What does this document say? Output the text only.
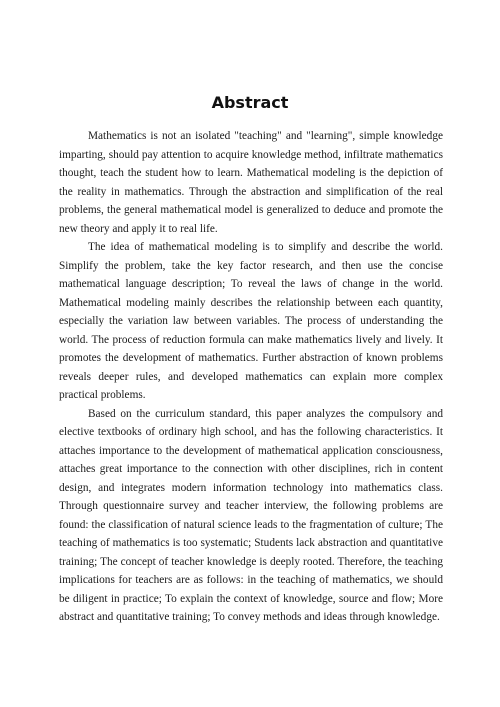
Abstract

Mathematics is not an isolated "teaching" and "learning", simple knowledge imparting, should pay attention to acquire knowledge method, infiltrate mathematics thought, teach the student how to learn. Mathematical modeling is the depiction of the reality in mathematics. Through the abstraction and simplification of the real problems, the general mathematical model is generalized to deduce and promote the new theory and apply it to real life.

The idea of mathematical modeling is to simplify and describe the world. Simplify the problem, take the key factor research, and then use the concise mathematical language description; To reveal the laws of change in the world. Mathematical modeling mainly describes the relationship between each quantity, especially the variation law between variables. The process of understanding the world. The process of reduction formula can make mathematics lively and lively. It promotes the development of mathematics. Further abstraction of known problems reveals deeper rules, and developed mathematics can explain more complex practical problems.

Based on the curriculum standard, this paper analyzes the compulsory and elective textbooks of ordinary high school, and has the following characteristics. It attaches importance to the development of mathematical application consciousness, attaches great importance to the connection with other disciplines, rich in content design, and integrates modern information technology into mathematics class. Through questionnaire survey and teacher interview, the following problems are found: the classification of natural science leads to the fragmentation of culture; The teaching of mathematics is too systematic; Students lack abstraction and quantitative training; The concept of teacher knowledge is deeply rooted. Therefore, the teaching implications for teachers are as follows: in the teaching of mathematics, we should be diligent in practice; To explain the context of knowledge, source and flow; More abstract and quantitative training; To convey methods and ideas through knowledge.
